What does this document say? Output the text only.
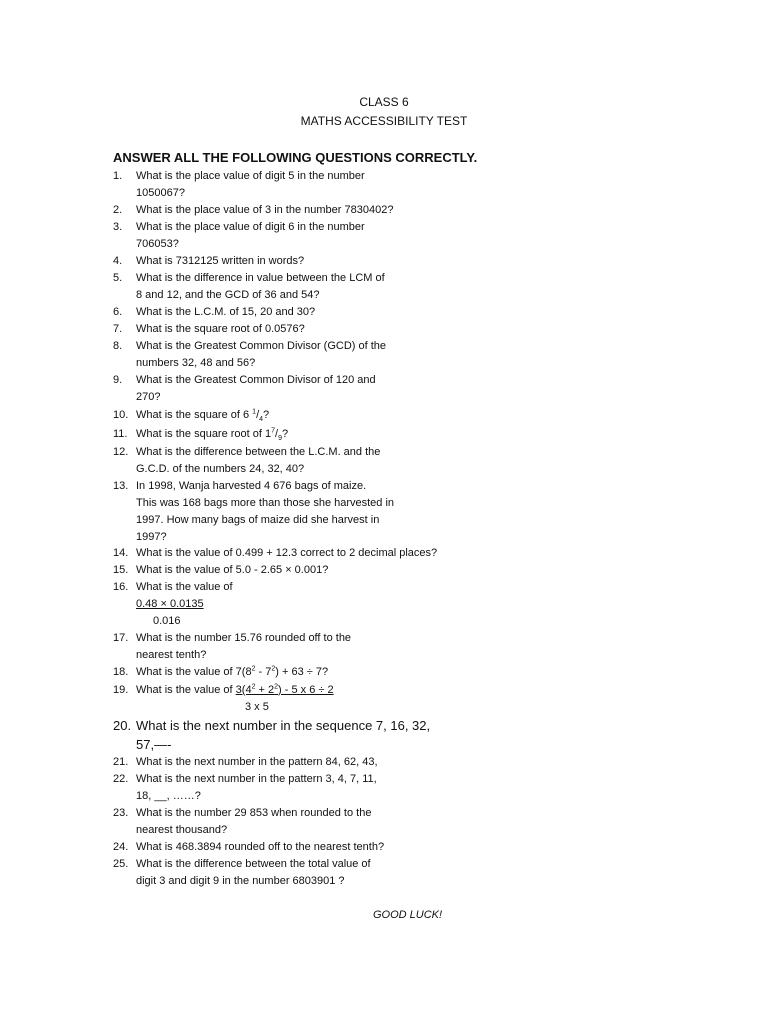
CLASS 6
MATHS ACCESSIBILITY TEST
ANSWER ALL THE FOLLOWING QUESTIONS CORRECTLY.
1. What is the place value of digit 5 in the number
1050067?
2. What is the place value of 3 in the number 7830402?
3. What is the place value of digit 6 in the number
706053?
4. What is 7312125 written in words?
5. What is the difference in value between the LCM of
8 and 12, and the GCD of 36 and 54?
6. What is the L.C.M. of 15, 20 and 30?
7. What is the square root of 0.0576?
8. What is the Greatest Common Divisor (GCD) of the
numbers 32, 48 and 56?
9. What is the Greatest Common Divisor of 120 and
270?
10. What is the square of 6 $^1/_4$?
11. What is the square root of $1^7/_9$?
12. What is the difference between the L.C.M. and the
G.C.D. of the numbers 24, 32, 40?
13. In 1998, Wanja harvested 4 676 bags of maize.
This was 168 bags more than those she harvested in
1997. How many bags of maize did she harvest in
1997?
14. What is the value of 0.499 + 12.3 correct to 2 decimal places?
15. What is the value of 5.0 - 2.65 × 0.001?
16. What is the value of
0.48 × 0.0135
0.016
17. What is the number 15.76 rounded off to the
nearest tenth?
18. What is the value of $7(8^2 - 7^2) + 63 \div 7$?
19. What is the value of $3(4^2 + 2^2) - 5$ x 6 ÷ 2
3 x 5
20. What is the next number in the sequence 7, 16, 32,
57,—-
21. What is the next number in the pattern 84, 62, 43,
22. What is the next number in the pattern 3, 4, 7, 11,
18, __, ……?
23. What is the number 29 853 when rounded to the
nearest thousand?
24. What is 468.3894 rounded off to the nearest tenth?
25. What is the difference between the total value of
digit 3 and digit 9 in the number 6803901 ?
GOOD LUCK!
